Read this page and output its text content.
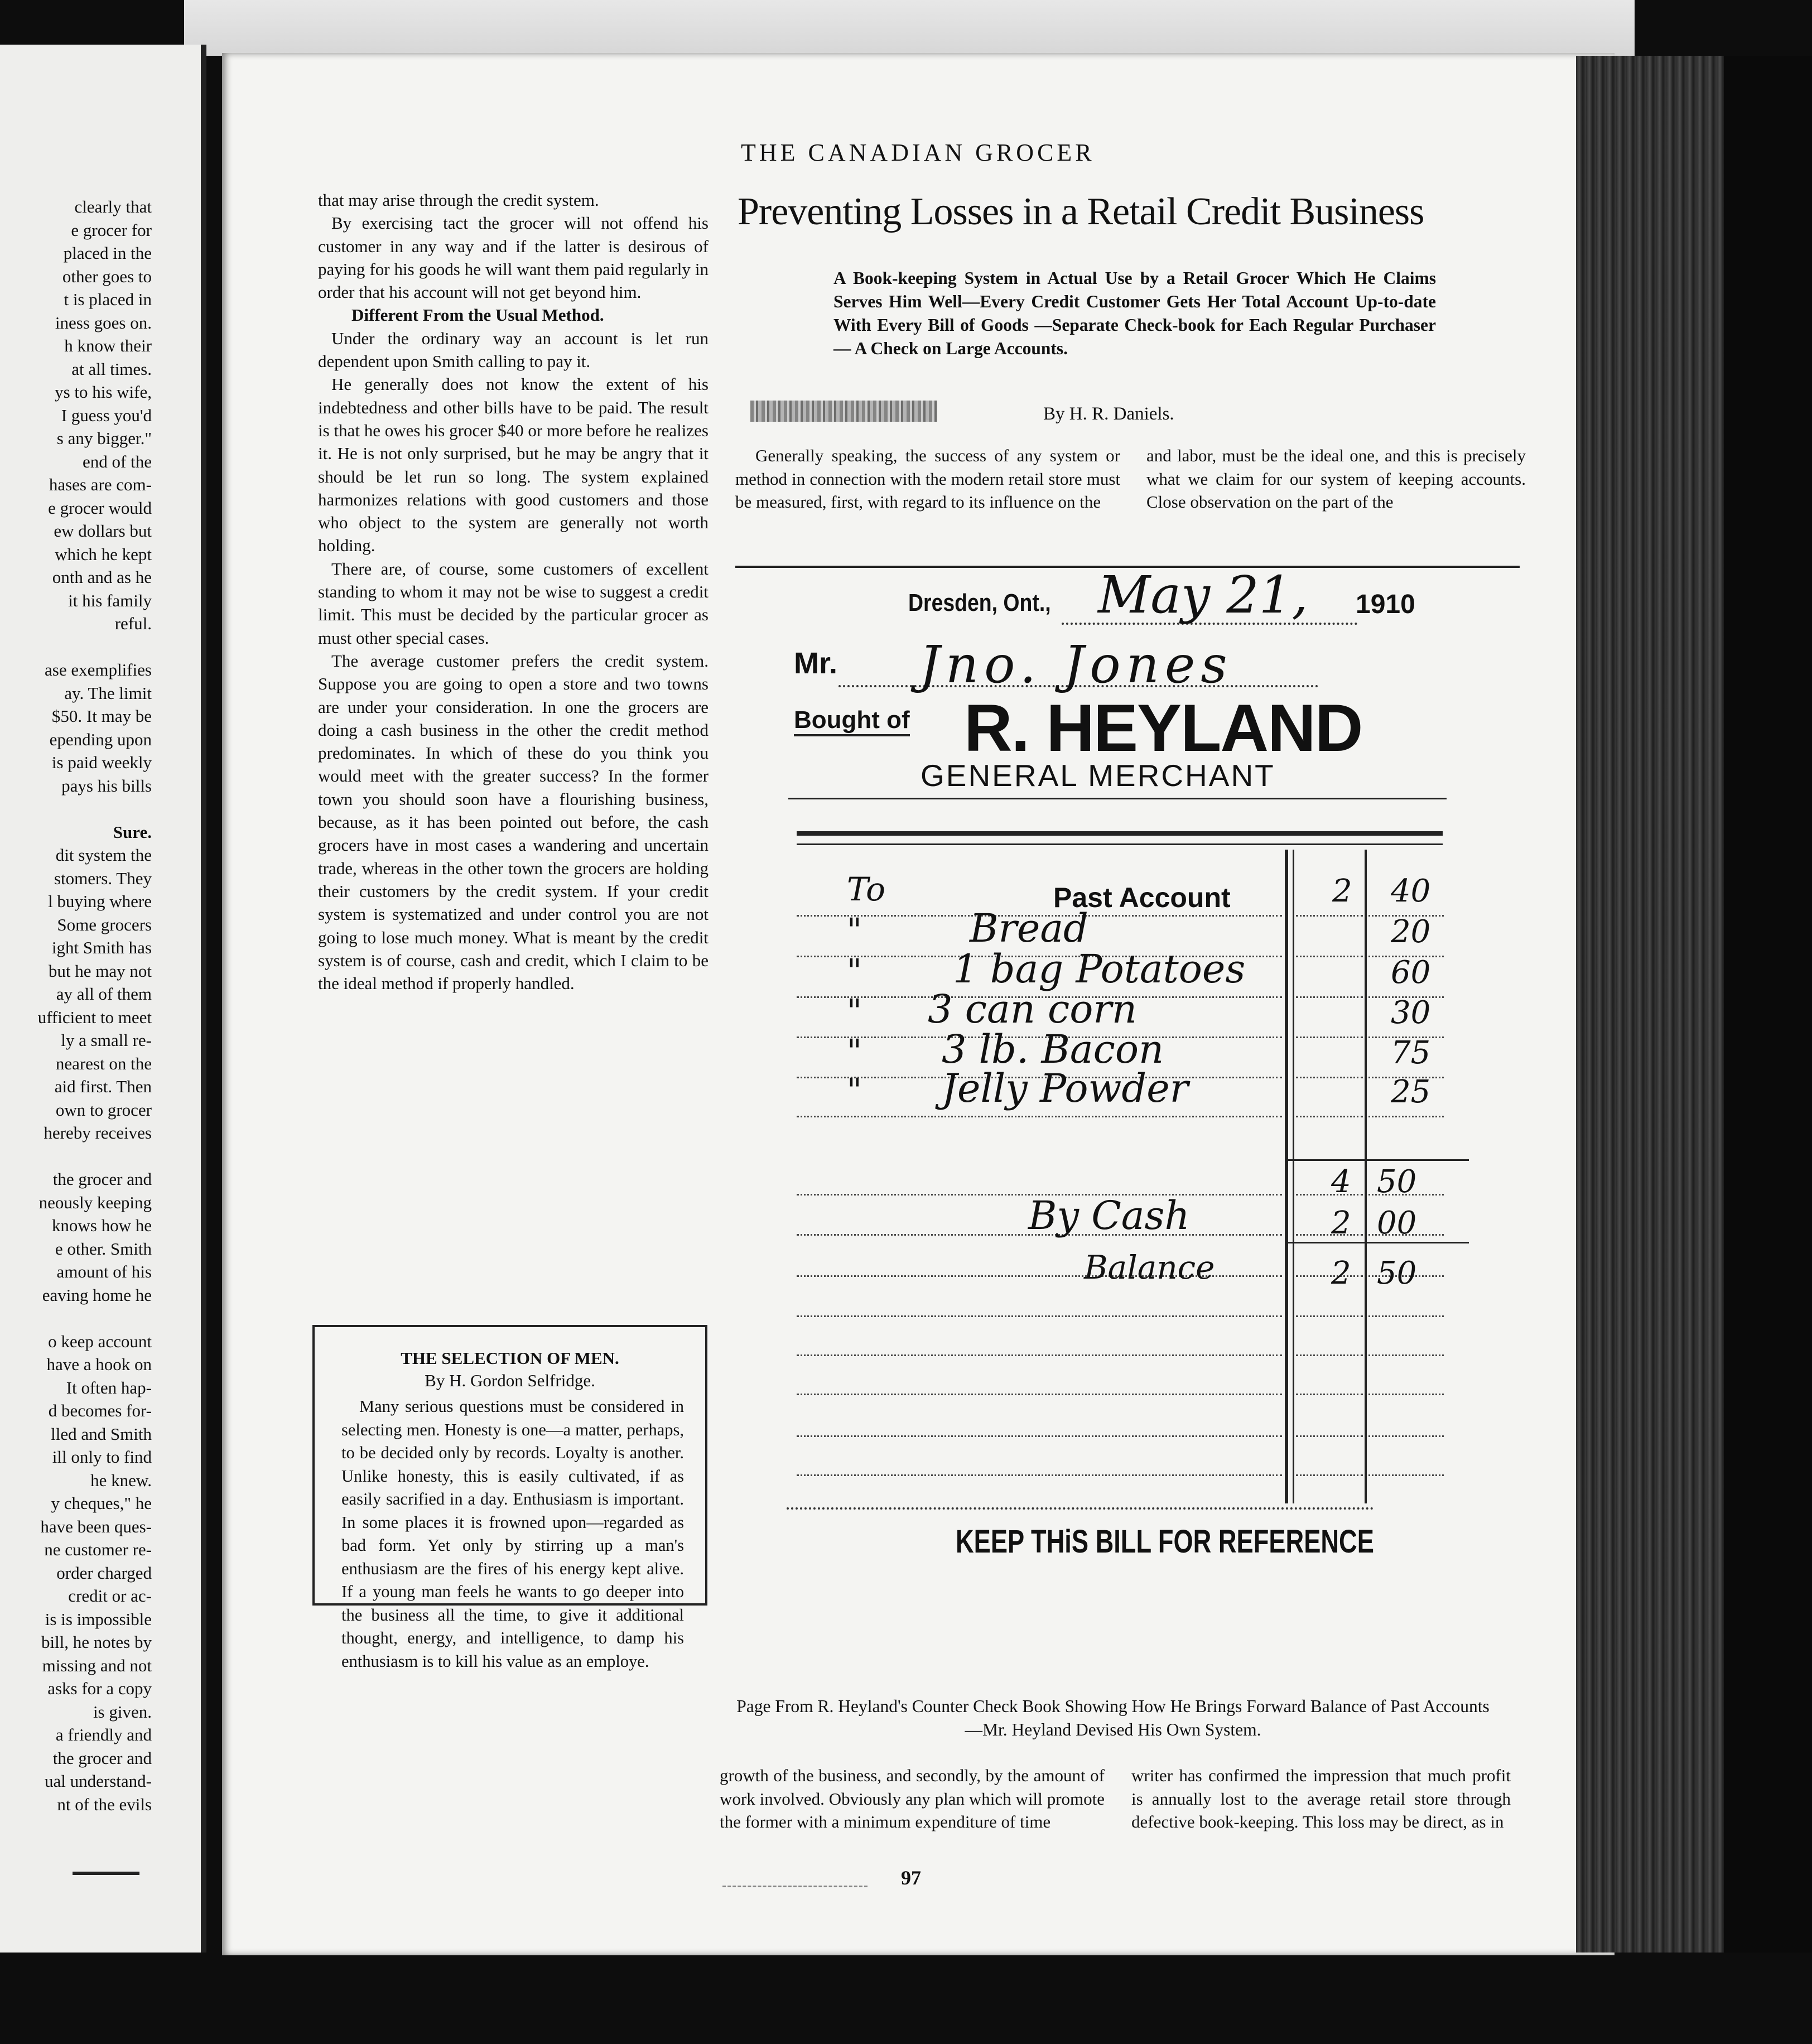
clearly that
e grocer for
placed in the
other goes to
t is placed in
iness goes on.
h know their
at all times.
ys to his wife,
I guess you'd
s any bigger."
end of the
hases are com-
e grocer would
ew dollars but
which he kept
onth and as he
it his family
reful.
ase exemplifies
ay. The limit
$50. It may be
epending upon
is paid weekly
pays his bills
Sure.
dit system the
stomers. They
l buying where
Some grocers
ight Smith has
but he may not
ay all of them
ufficient to meet
ly a small re-
nearest on the
aid first. Then
own to grocer
hereby receives
the grocer and
neously keeping
knows how he
e other. Smith
amount of his
eaving home he
o keep account
have a hook on
It often hap-
d becomes for-
lled and Smith
ill only to find
he knew.
y cheques," he
have been ques-
ne customer re-
order charged
credit or ac-
is is impossible
bill, he notes by
missing and not
asks for a copy
is given.
a friendly and
the grocer and
ual understand-
nt of the evils
THE CANADIAN GROCER
Preventing Losses in a Retail Credit Business
A Book-keeping System in Actual Use by a Retail Grocer Which He Claims Serves Him Well—Every Credit Customer Gets Her Total Account Up-to-date With Every Bill of Goods —Separate Check-book for Each Regular Purchaser — A Check on Large Accounts.
By H. R. Daniels.

that may arise through the credit system.

By exercising tact the grocer will not offend his customer in any way and if the latter is desirous of paying for his goods he will want them paid regularly in order that his account will not get beyond him.

Different From the Usual Method.

Under the ordinary way an account is let run dependent upon Smith calling to pay it.

He generally does not know the extent of his indebtedness and other bills have to be paid. The result is that he owes his grocer $40 or more before he realizes it. He is not only surprised, but he may be angry that it should be let run so long. The system explained harmonizes relations with good customers and those who object to the system are generally not worth holding.

There are, of course, some customers of excellent standing to whom it may not be wise to suggest a credit limit. This must be decided by the particular grocer as must other special cases.

The average customer prefers the credit system. Suppose you are going to open a store and two towns are under your consideration. In one the grocers are doing a cash business in the other the credit method predominates. In which of these do you think you would meet with the greater success? In the former town you should soon have a flourishing business, because, as it has been pointed out before, the cash grocers have in most cases a wandering and uncertain trade, whereas in the other town the grocers are holding their customers by the credit system. If your credit system is systematized and under control you are not going to lose much money. What is meant by the credit system is of course, cash and credit, which I claim to be the ideal method if properly handled.

THE SELECTION OF MEN.
By H. Gordon Selfridge.
Many serious questions must be considered in selecting men. Honesty is one—a matter, perhaps, to be decided only by records. Loyalty is another. Unlike honesty, this is easily cultivated, if as easily sacrified in a day. Enthusiasm is important. In some places it is frowned upon—regarded as bad form. Yet only by stirring up a man's enthusiasm are the fires of his energy kept alive. If a young man feels he wants to go deeper into the business all the time, to give it additional thought, energy, and intelligence, to damp his enthusiasm is to kill his value as an employe.
Generally speaking, the success of any system or method in connection with the modern retail store must be measured, first, with regard to its influence on the
and labor, must be the ideal one, and this is precisely what we claim for our system of keeping accounts. Close observation on the part of the
Dresden, Ont., May 21, 1910
Mr. Jno. Jones
Bought of R. HEYLAND
GENERAL MERCHANT
To	Past Account	2 40
"	Bread	20
" 1 bag Potatoes	60
" 3 can corn	30
" 3 lb. Bacon	75
" Jelly Powder	25
4 50
By Cash	2 00
Balance	2 50
KEEP THiS BILL FOR REFERENCE
Page From R. Heyland's Counter Check Book Showing How He Brings Forward Balance of Past Accounts—Mr. Heyland Devised His Own System.
growth of the business, and secondly, by the amount of work involved. Obviously any plan which will promote the former with a minimum expenditure of time
writer has confirmed the impression that much profit is annually lost to the average retail store through defective book-keeping. This loss may be direct, as in
97
